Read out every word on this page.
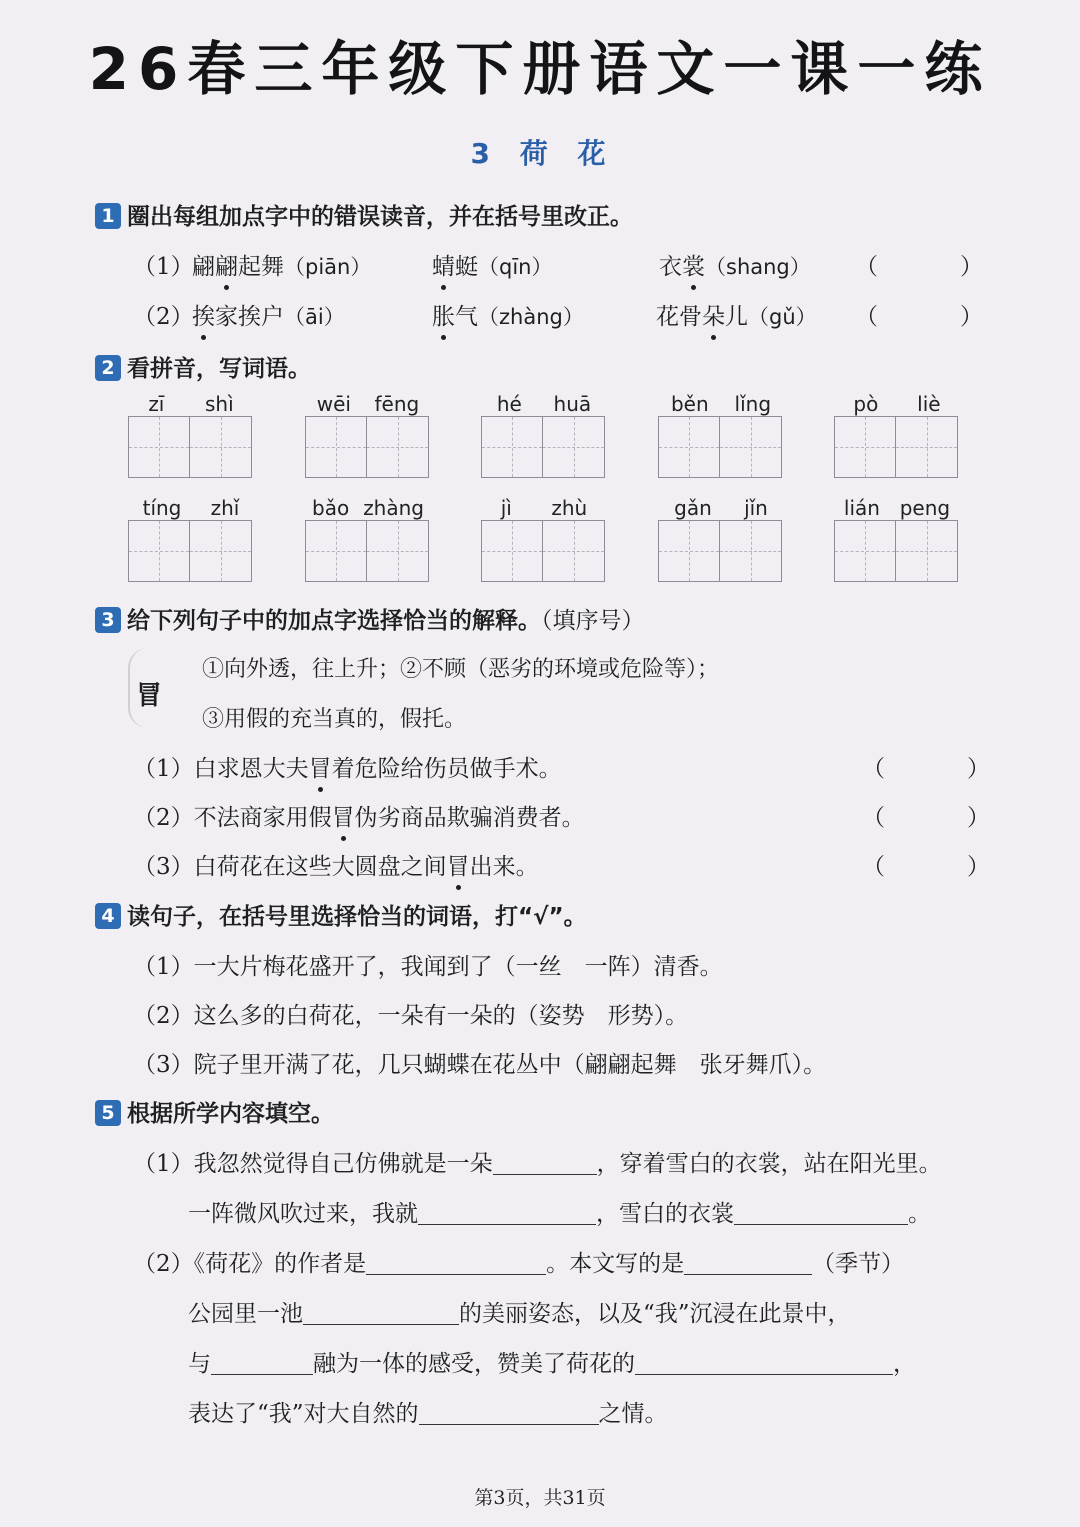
26春三年级下册语文一课一练
3 荷 花
1 圈出每组加点字中的错误读音，并在括号里改正。
（1）
翩翩起舞（piān）	蜻蜓（qīn）	衣裳（shang） （　　）
（2）
挨家挨户（āi）	胀气（zhàng）	花骨朵儿（gǔ） （　　）
2 看拼音，写词语。
zī shì	wēi fēng	hé huā	běn lǐng	pò liè
tíng zhǐ	bǎo zhàng	jì zhù	gǎn jǐn	lián peng
3 给下列句子中的加点字选择恰当的解释。（填序号）
冒
①向外透，往上升；②不顾（恶劣的环境或危险等）；
③用假的充当真的，假托。
（1）白求恩大夫冒着危险给伤员做手术。	（　　）
（2）不法商家用假冒伪劣商品欺骗消费者。	（　　）
（3）白荷花在这些大圆盘之间冒出来。	（　　）
4 读句子，在括号里选择恰当的词语，打“√”。
（1）一大片梅花盛开了，我闻到了（一丝　一阵）清香。
（2）这么多的白荷花，一朵有一朵的（姿势　形势）。
（3）院子里开满了花，几只蝴蝶在花丛中（翩翩起舞　张牙舞爪）。
5 根据所学内容填空。
（1）我忽然觉得自己仿佛就是一朵	，穿着雪白的衣裳，站在阳光里。
一阵微风吹过来，我就	，雪白的衣裳	。
（2）《荷花》的作者是	。本文写的是	（季节）
公园里一池	的美丽姿态，以及“我”沉浸在此景中，
与	融为一体的感受，赞美了荷花的	，
表达了“我”对大自然的	之情。
第3页，共31页
